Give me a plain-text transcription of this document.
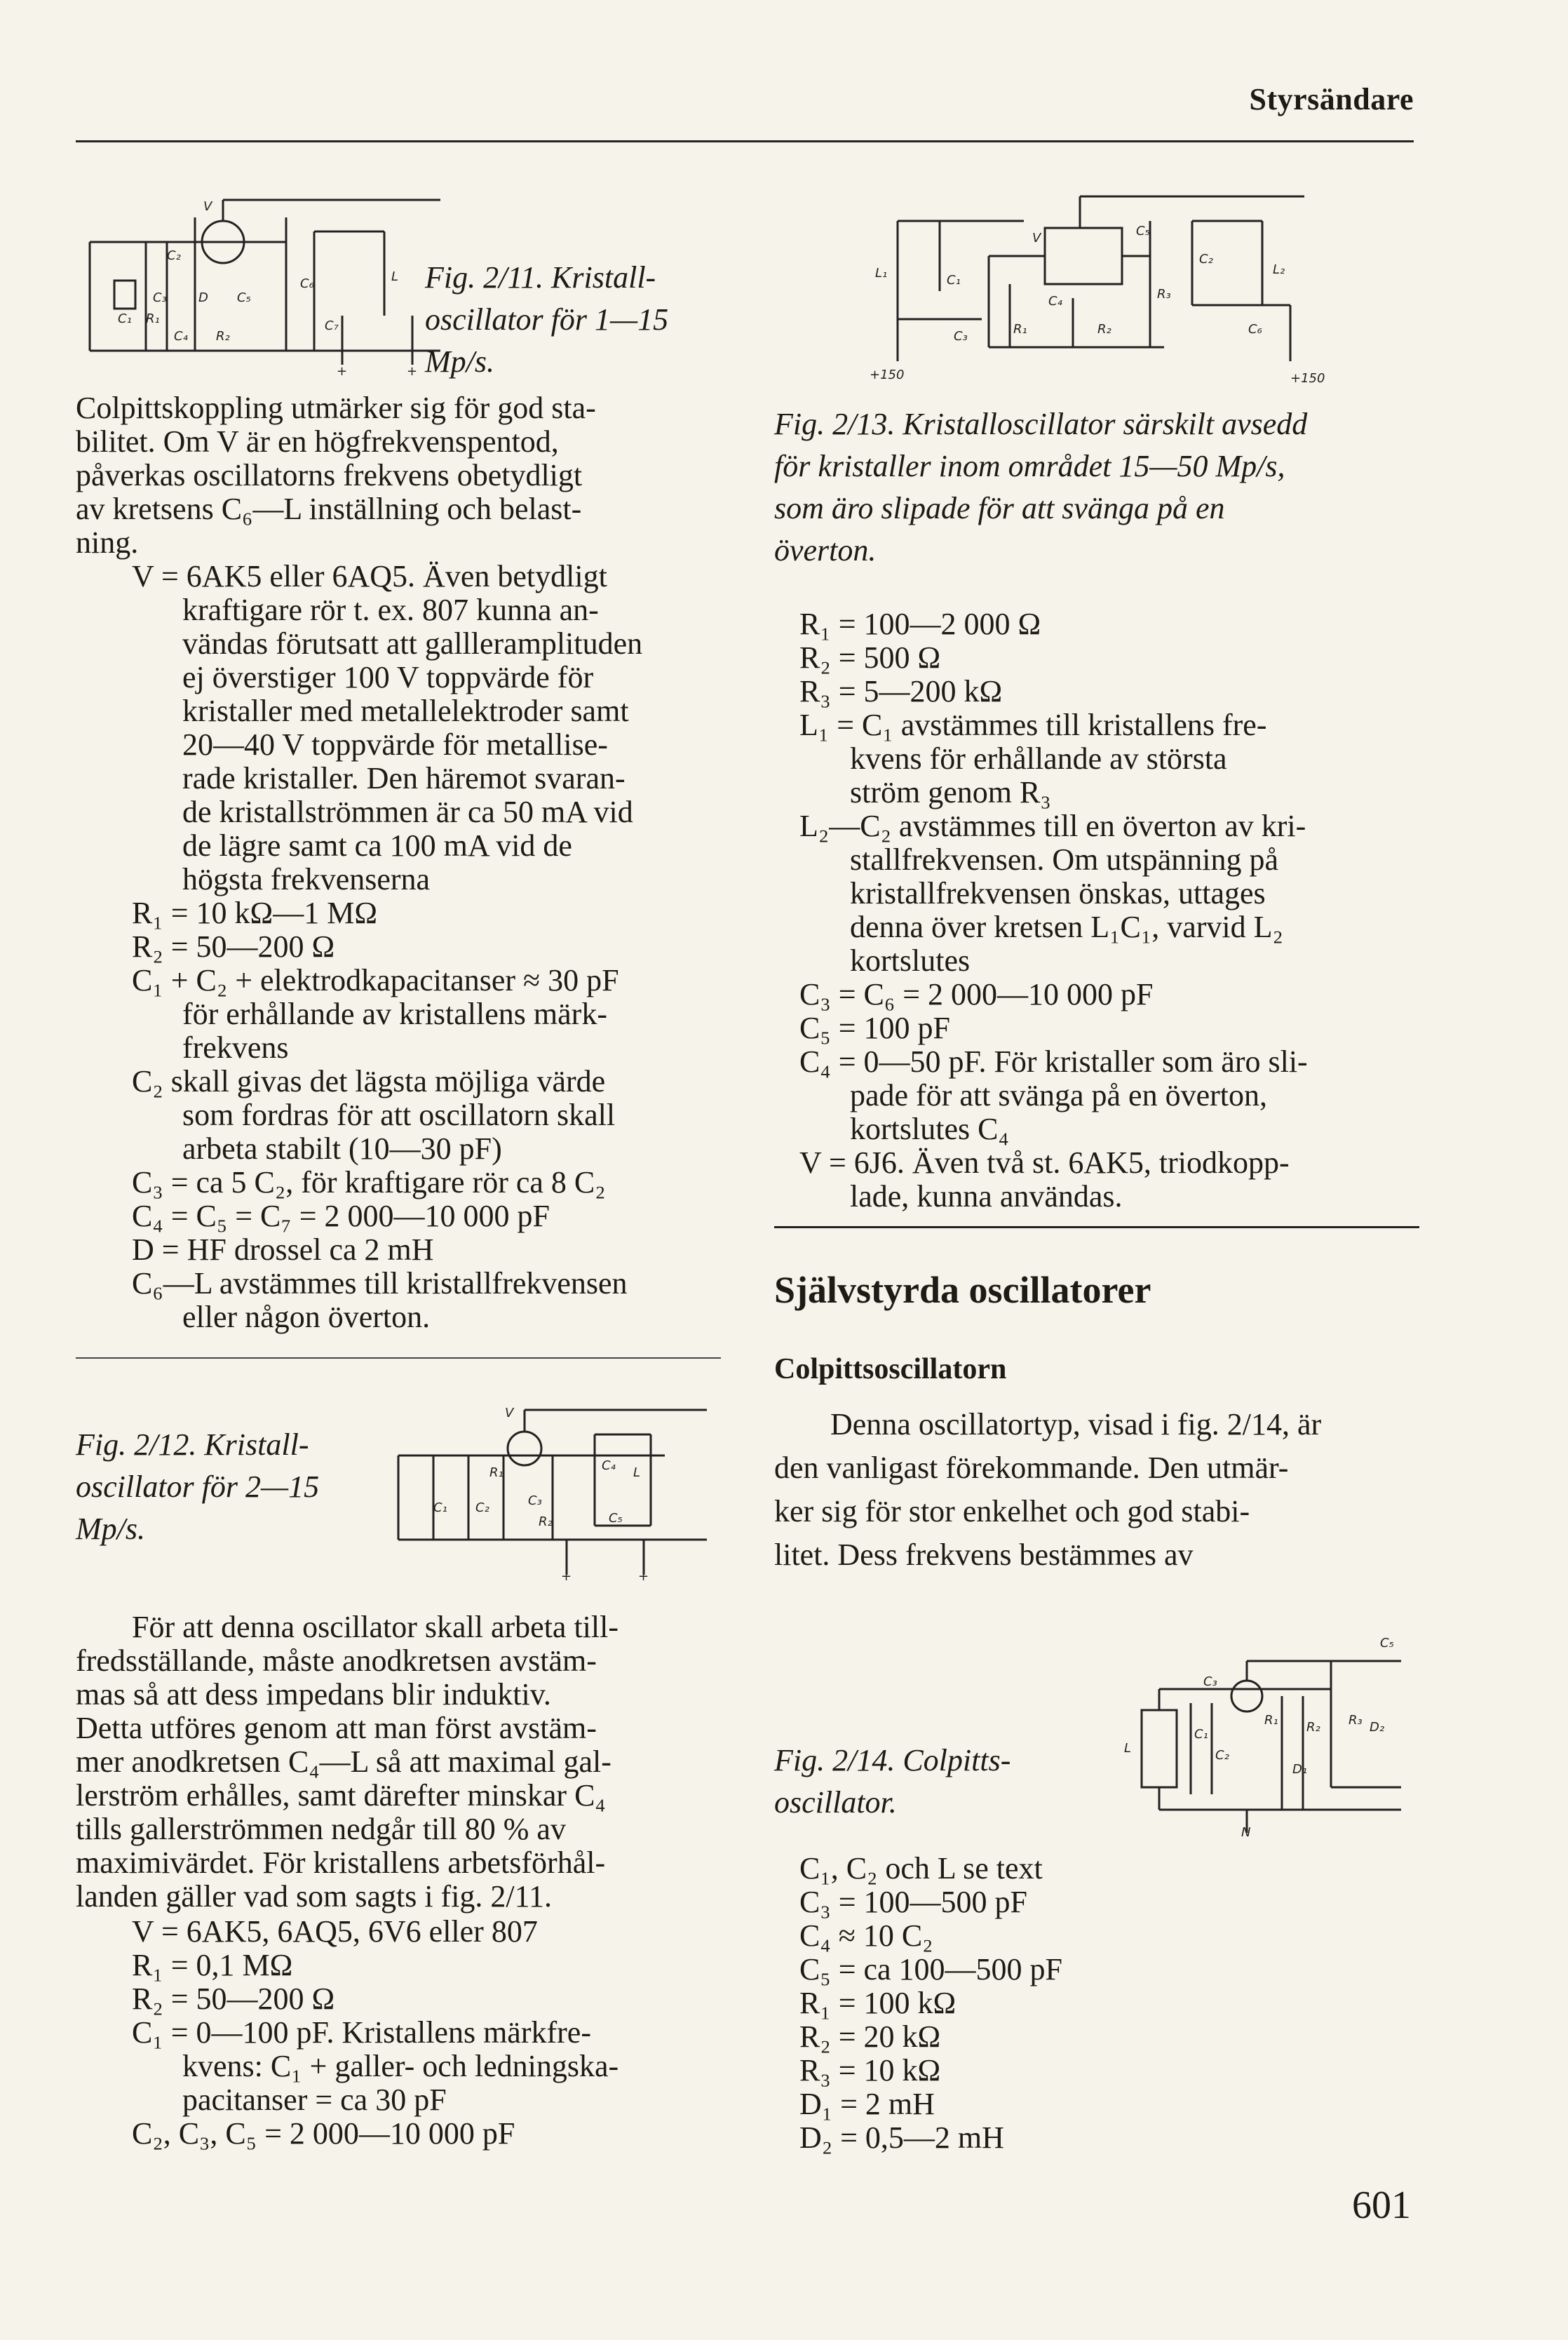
Styrsändare
V
C₂
C₃
C₁ R₁
D C₅
R₂
C₄
C₆	L
C₇
+	+
Fig. 2/11. Kristall-
oscillator för 1—15
Mp/s.
Colpittskoppling utmärker sig för god sta-
bilitet. Om V är en högfrekvenspentod,
påverkas oscillatorns frekvens obetydligt
av kretsens C₆—L inställning och belast-
ning.
V = 6AK5 eller 6AQ5. Även betydligt
kraftigare rör t. ex. 807 kunna an-
vändas förutsatt att gallleramplituden
ej överstiger 100 V toppvärde för
kristaller med metallelektroder samt
20—40 V toppvärde för metallise-
rade kristaller. Den häremot svaran-
de kristallströmmen är ca 50 mA vid
de lägre samt ca 100 mA vid de
högsta frekvenserna
R₁ = 10 kΩ—1 MΩ
R₂ = 50—200 Ω
C₁ + C₂ + elektrodkapacitanser ≈ 30 pF
för erhållande av kristallens märk-
frekvens
C₂ skall givas det lägsta möjliga värde
som fordras för att oscillatorn skall
arbeta stabilt (10—30 pF)
C₃ = ca 5 C₂, för kraftigare rör ca 8 C₂
C₄ = C₅ = C₇ = 2 000—10 000 pF
D = HF drossel ca 2 mH
C₆—L avstämmes till kristallfrekvensen
eller någon överton.
Fig. 2/12. Kristall-
oscillator för 2—15
Mp/s.
V
R₁
C₁ C₂	C₃
R₂
C₄ L
C₅
+	+
För att denna oscillator skall arbeta till-
fredsställande, måste anodkretsen avstäm-
mas så att dess impedans blir induktiv.
Detta utföres genom att man först avstäm-
mer anodkretsen C₄—L så att maximal gal-
lerström erhålles, samt därefter minskar C₄
tills gallerströmmen nedgår till 80 % av
maximivärdet. För kristallens arbetsförhål-
landen gäller vad som sagts i fig. 2/11.
V = 6AK5, 6AQ5, 6V6 eller 807
R₁ = 0,1 MΩ
R₂ = 50—200 Ω
C₁ = 0—100 pF. Kristallens märkfre-
kvens: C₁ + galler- och ledningska-
pacitanser = ca 30 pF
C₂, C₃, C₅ = 2 000—10 000 pF
L₁	C₁
V
C₄
C₃	R₁	R₂
C₅
R₃
C₂
L₂
C₆
+150	+150
Fig. 2/13. Kristalloscillator särskilt avsedd
för kristaller inom området 15—50 Mp/s,
som äro slipade för att svänga på en
överton.
R₁ = 100—2 000 Ω
R₂ = 500 Ω
R₃ = 5—200 kΩ
L₁ = C₁ avstämmes till kristallens fre-
kvens för erhållande av största
ström genom R₃
L₂—C₂ avstämmes till en överton av kri-
stallfrekvensen. Om utspänning på
kristallfrekvensen önskas, uttages
denna över kretsen L₁C₁, varvid L₂
kortslutes
C₃ = C₆ = 2 000—10 000 pF
C₅ = 100 pF
C₄ = 0—50 pF. För kristaller som äro sli-
pade för att svänga på en överton,
kortslutes C₄
V = 6J6. Även två st. 6AK5, triodkopp-
lade, kunna användas.
Självstyrda oscillatorer
Colpittsoscillatorn
Denna oscillatortyp, visad i fig. 2/14, är
den vanligast förekommande. Den utmär-
ker sig för stor enkelhet och god stabi-
litet. Dess frekvens bestämmes av
Fig. 2/14. Colpitts-
oscillator.
C₅
C₃
L
C₁
C₂
R₁
D₁
R₂ R₃ D₂
N
C₁, C₂ och L se text
C₃ = 100—500 pF
C₄ ≈ 10 C₂
C₅ = ca 100—500 pF
R₁ = 100 kΩ
R₂ = 20 kΩ
R₃ = 10 kΩ
D₁ = 2 mH
D₂ = 0,5—2 mH
601
